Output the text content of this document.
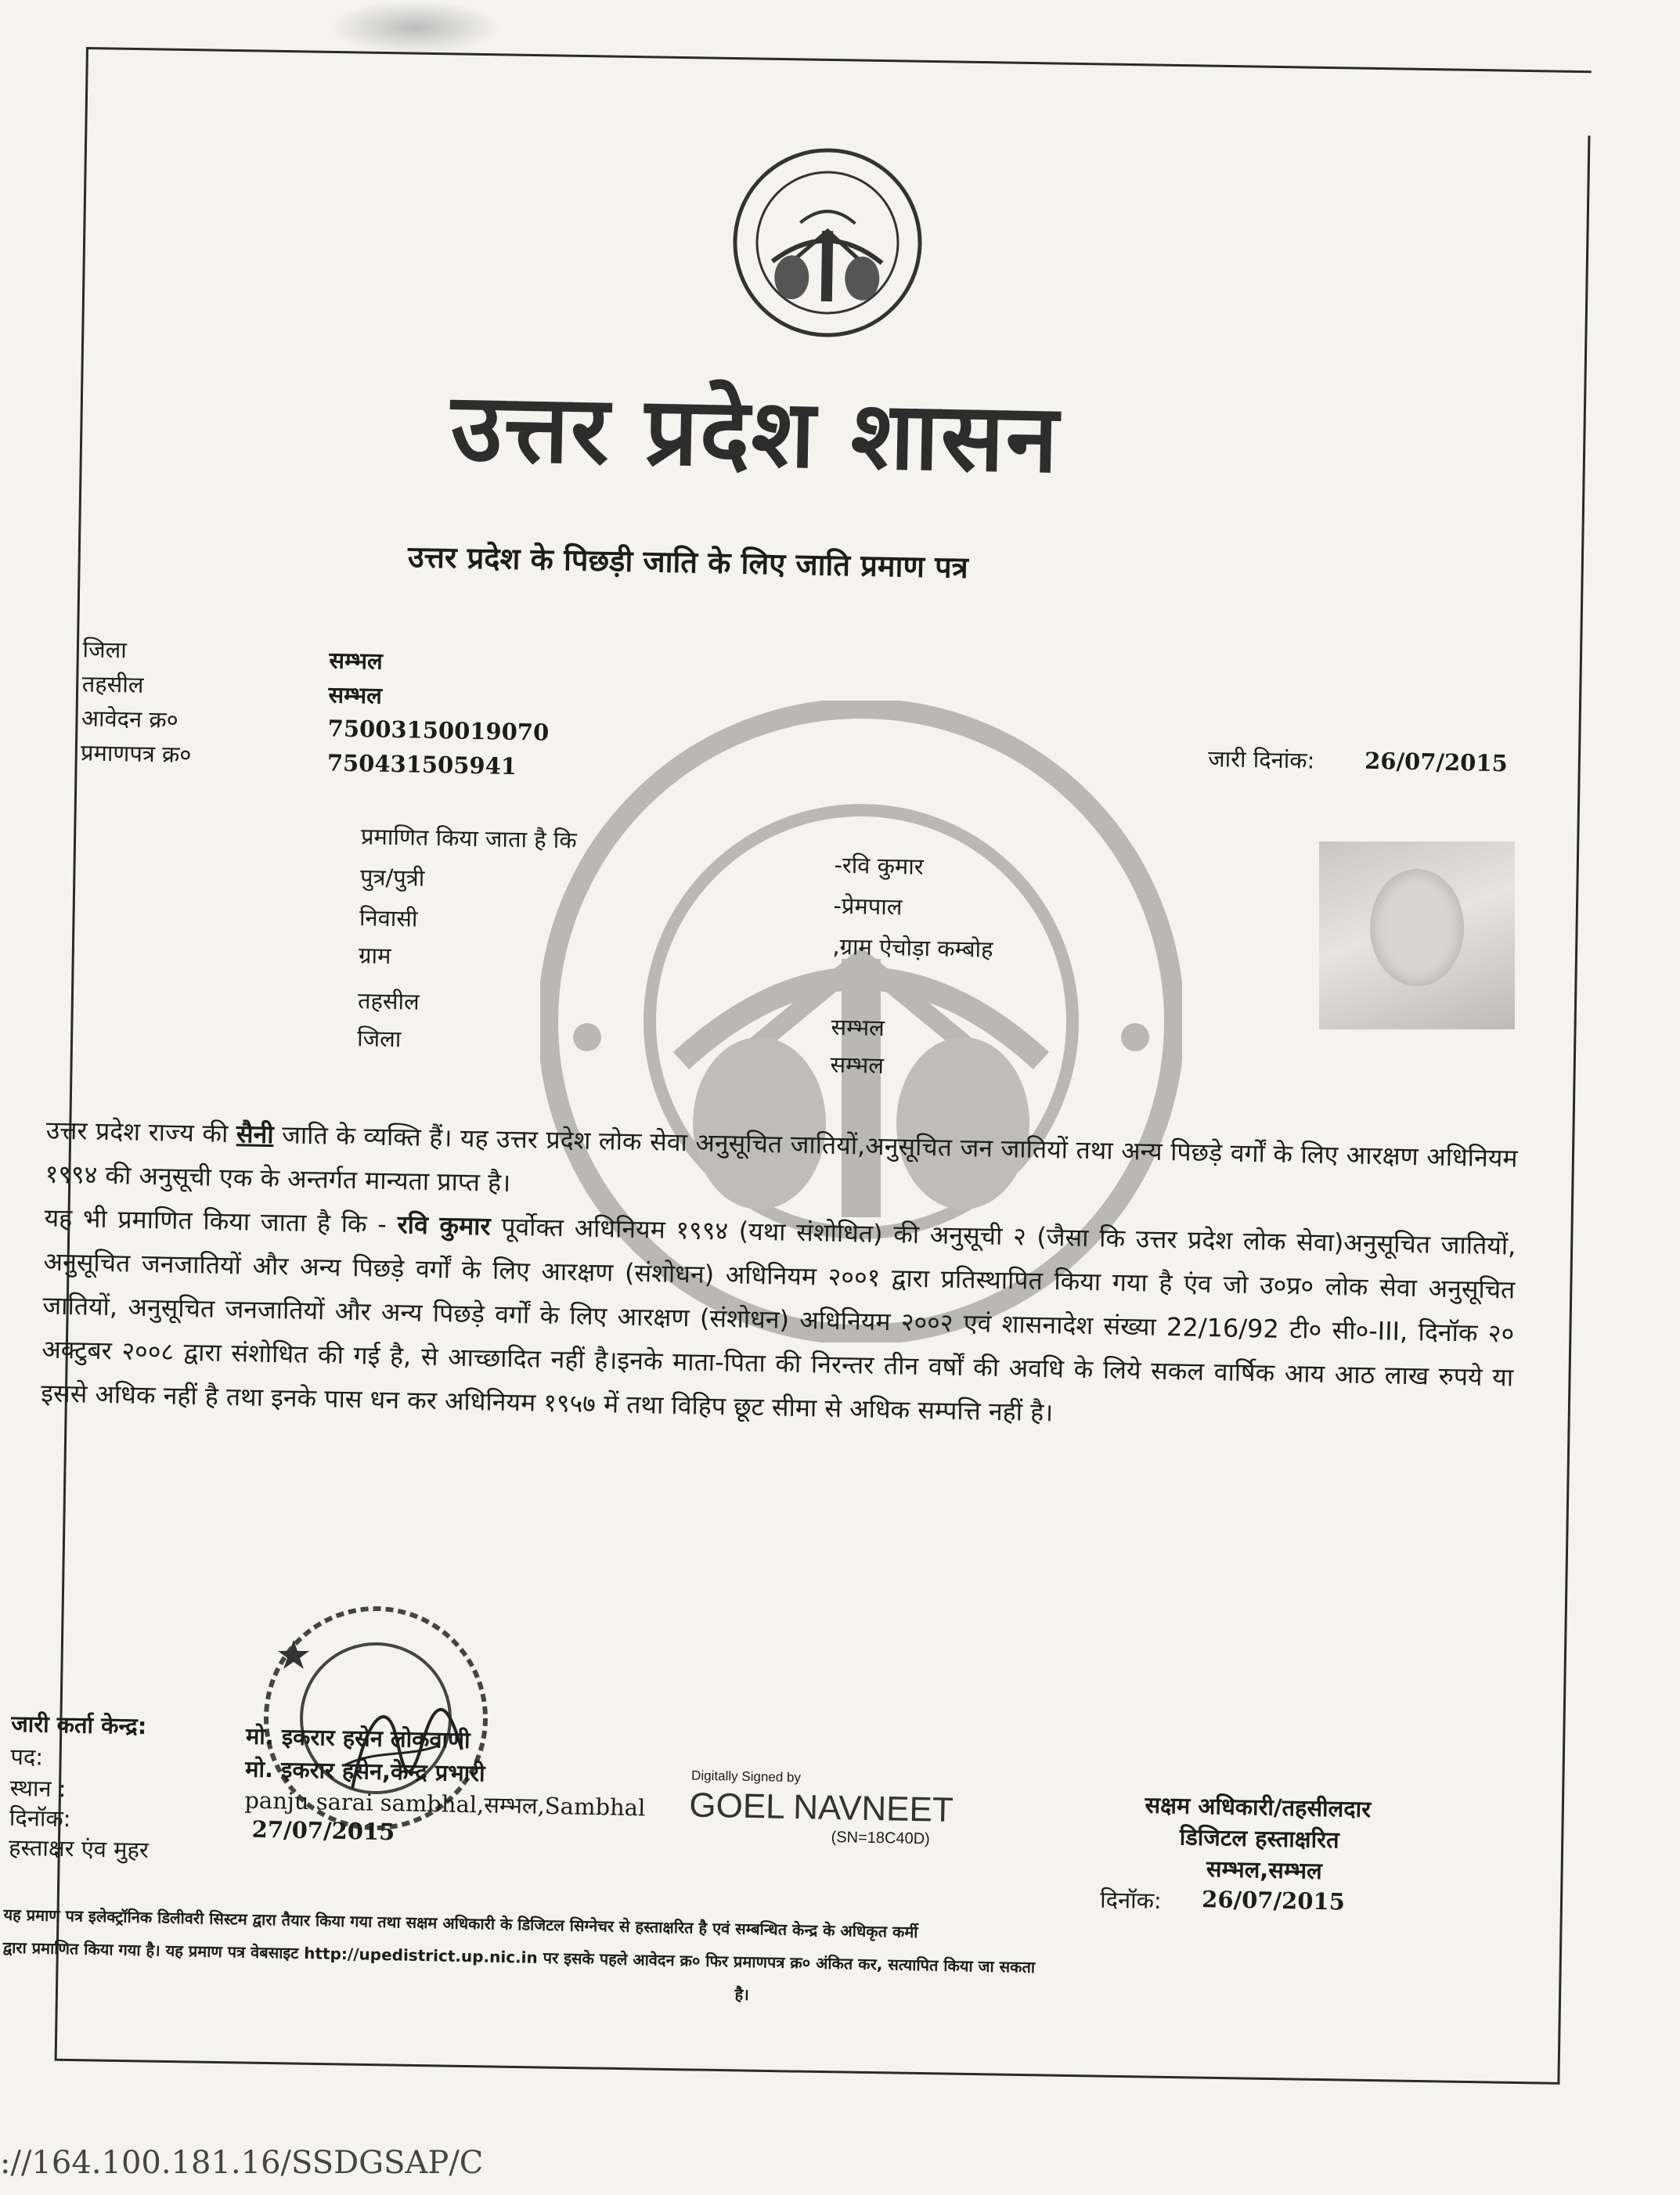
उत्तर प्रदेश शासन
उत्तर प्रदेश के पिछड़ी जाति के लिए जाति प्रमाण पत्र
जिला
तहसील
आवेदन क्र०
प्रमाणपत्र क्र०
सम्भल
सम्भल
75003150019070
750431505941	जारी दिनांक: 26/07/2015
प्रमाणित किया जाता है कि
पुत्र/पुत्री
निवासी
ग्राम
तहसील
जिला
-रवि कुमार
-प्रेमपाल
,ग्राम ऐचोड़ा कम्बोह
सम्भल
सम्भल

उत्तर प्रदेश राज्य की सैनी जाति के व्यक्ति हैं। यह उत्तर प्रदेश लोक सेवा अनुसूचित जातियों,अनुसूचित जन जातियों तथा अन्य पिछड़े वर्गों के लिए आरक्षण अधिनियम १९९४ की अनुसूची एक के अन्तर्गत मान्यता प्राप्त है।

यह भी प्रमाणित किया जाता है कि - रवि कुमार पूर्वोक्त अधिनियम १९९४ (यथा संशोधित) की अनुसूची २ (जैसा कि उत्तर प्रदेश लोक सेवा)अनुसूचित जातियों, अनुसूचित जनजातियों और अन्य पिछड़े वर्गों के लिए आरक्षण (संशोधन) अधिनियम २००१ द्वारा प्रतिस्थापित किया गया है एंव जो उ०प्र० लोक सेवा अनुसूचित जातियों, अनुसूचित जनजातियों और अन्य पिछड़े वर्गों के लिए आरक्षण (संशोधन) अधिनियम २००२ एवं शासनादेश संख्या 22/16/92 टी० सी०-III, दिनॉक २० अक्टुबर २००८ द्वारा संशोधित की गई है, से आच्छादित नहीं है।इनके माता-पिता की निरन्तर तीन वर्षों की अवधि के लिये सकल वार्षिक आय आठ लाख रुपये या इससे अधिक नहीं है तथा इनके पास धन कर अधिनियम १९५७ में तथा विहिप छूट सीमा से अधिक सम्पत्ति नहीं है।

जारी कर्ता केन्द्र:
पद:
स्थान :
दिनॉक:
हस्ताक्षर एंव मुहर
मो. इकरार हसेन लोकवाणी
मो. इकरार हसेन,केन्द्र प्रभारी
panju sarai sambhal,सम्भल,Sambhal
27/07/2015
Digitally Signed by
GOEL NAVNEET
(SN=18C40D)
सक्षम अधिकारी/तहसीलदार
डिजिटल हस्ताक्षरित
सम्भल,सम्भल
दिनॉक: 26/07/2015

यह प्रमाण पत्र इलेक्ट्रॉनिक डिलीवरी सिस्टम द्वारा तैयार किया गया तथा सक्षम अधिकारी के डिजिटल सिग्नेचर से हस्ताक्षरित है एवं सम्बन्धित केन्द्र के अधिकृत कर्मी

द्वारा प्रमाणित किया गया है। यह प्रमाण पत्र वेबसाइट http://upedistrict.up.nic.in पर इसके पहले आवेदन क्र० फिर प्रमाणपत्र क्र० अंकित कर, सत्यापित किया जा सकता

है।

://164.100.181.16/SSDGSAP/C
